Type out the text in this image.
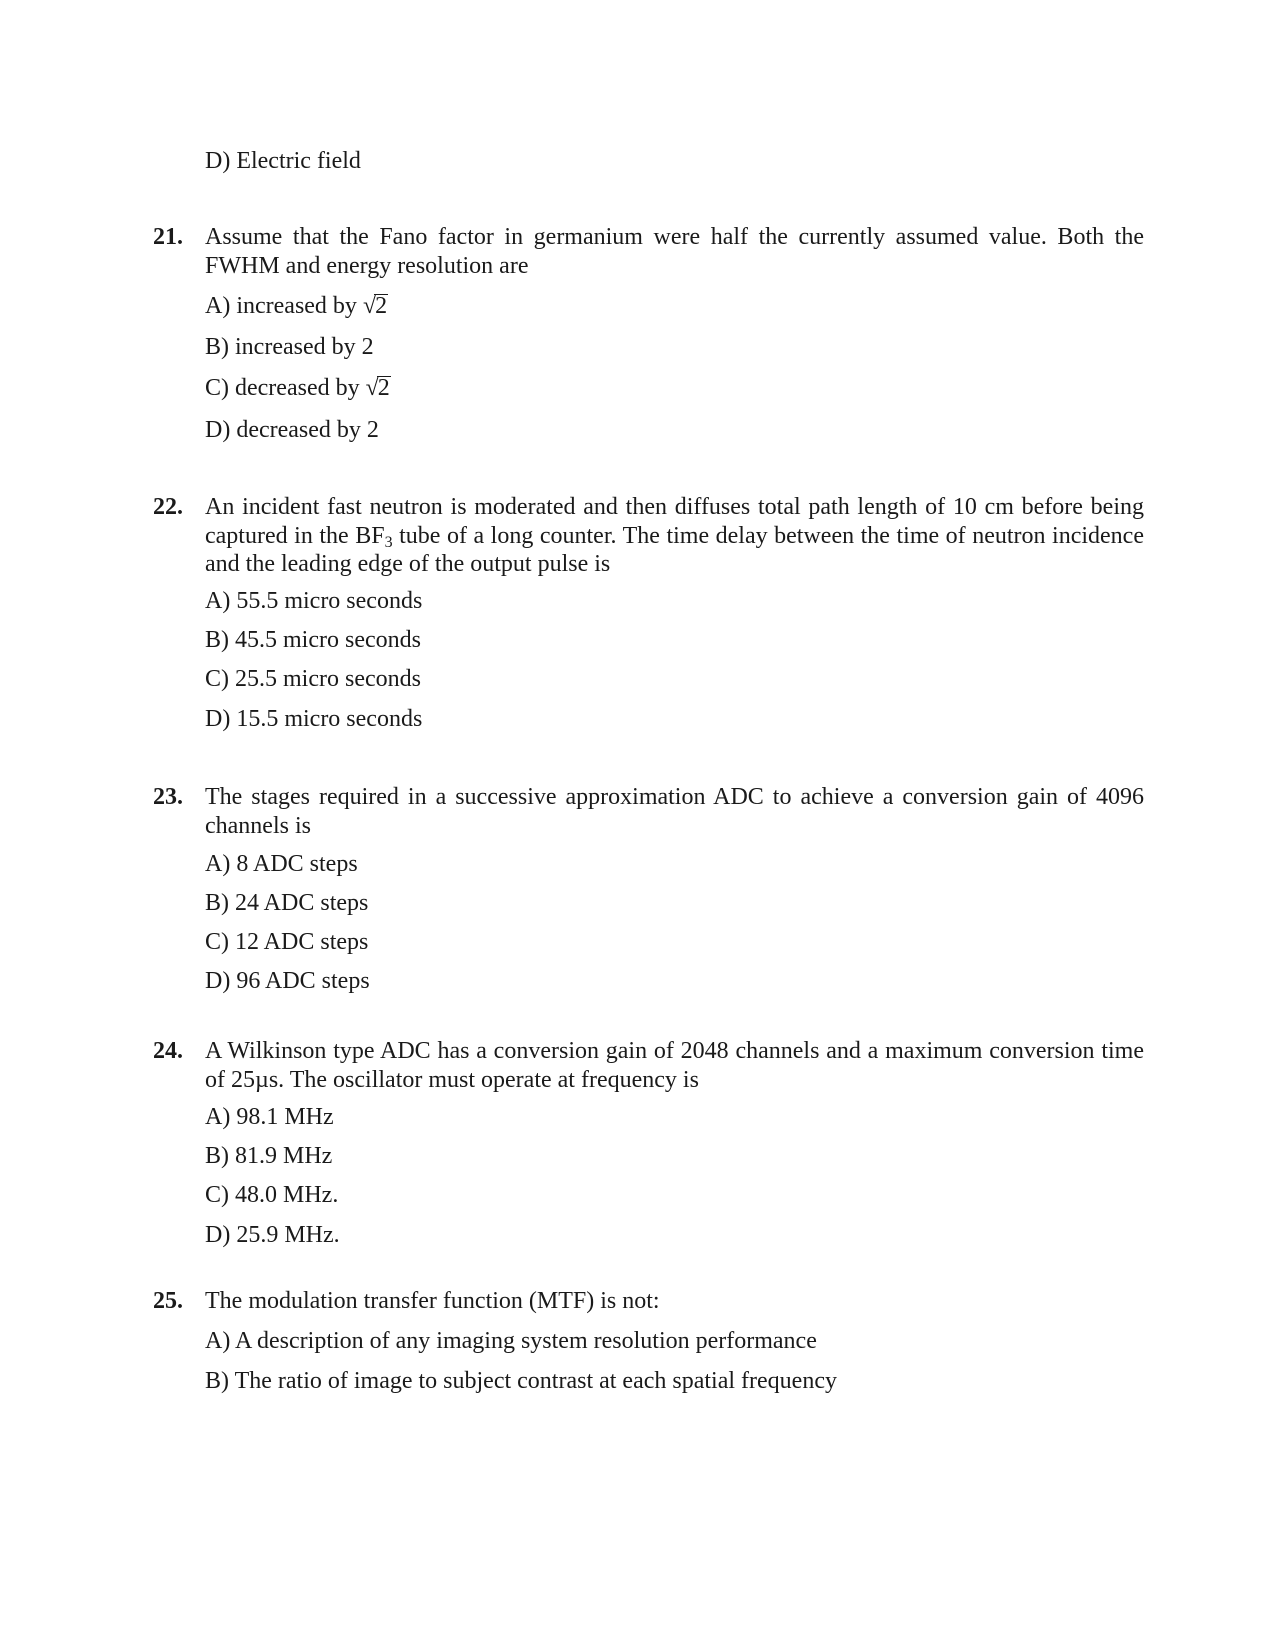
D) Electric field
21. Assume that the Fano factor in germanium were half the currently assumed value. Both the FWHM and energy resolution are
A) increased by √2
B) increased by 2
C) decreased by √2
D) decreased by 2
22. An incident fast neutron is moderated and then diffuses total path length of 10 cm before being captured in the $BF_3$ tube of a long counter. The time delay between the time of neutron incidence and the leading edge of the output pulse is
A) 55.5 micro seconds
B) 45.5 micro seconds
C) 25.5 micro seconds
D) 15.5 micro seconds
23. The stages required in a successive approximation ADC to achieve a conversion gain of 4096 channels is
A) 8 ADC steps
B) 24 ADC steps
C) 12 ADC steps
D) 96 ADC steps
24. A Wilkinson type ADC has a conversion gain of 2048 channels and a maximum conversion time of 25µs. The oscillator must operate at frequency is
A) 98.1 MHz
B) 81.9 MHz
C) 48.0 MHz.
D) 25.9 MHz.
25. The modulation transfer function (MTF) is not:
A) A description of any imaging system resolution performance
B) The ratio of image to subject contrast at each spatial frequency
